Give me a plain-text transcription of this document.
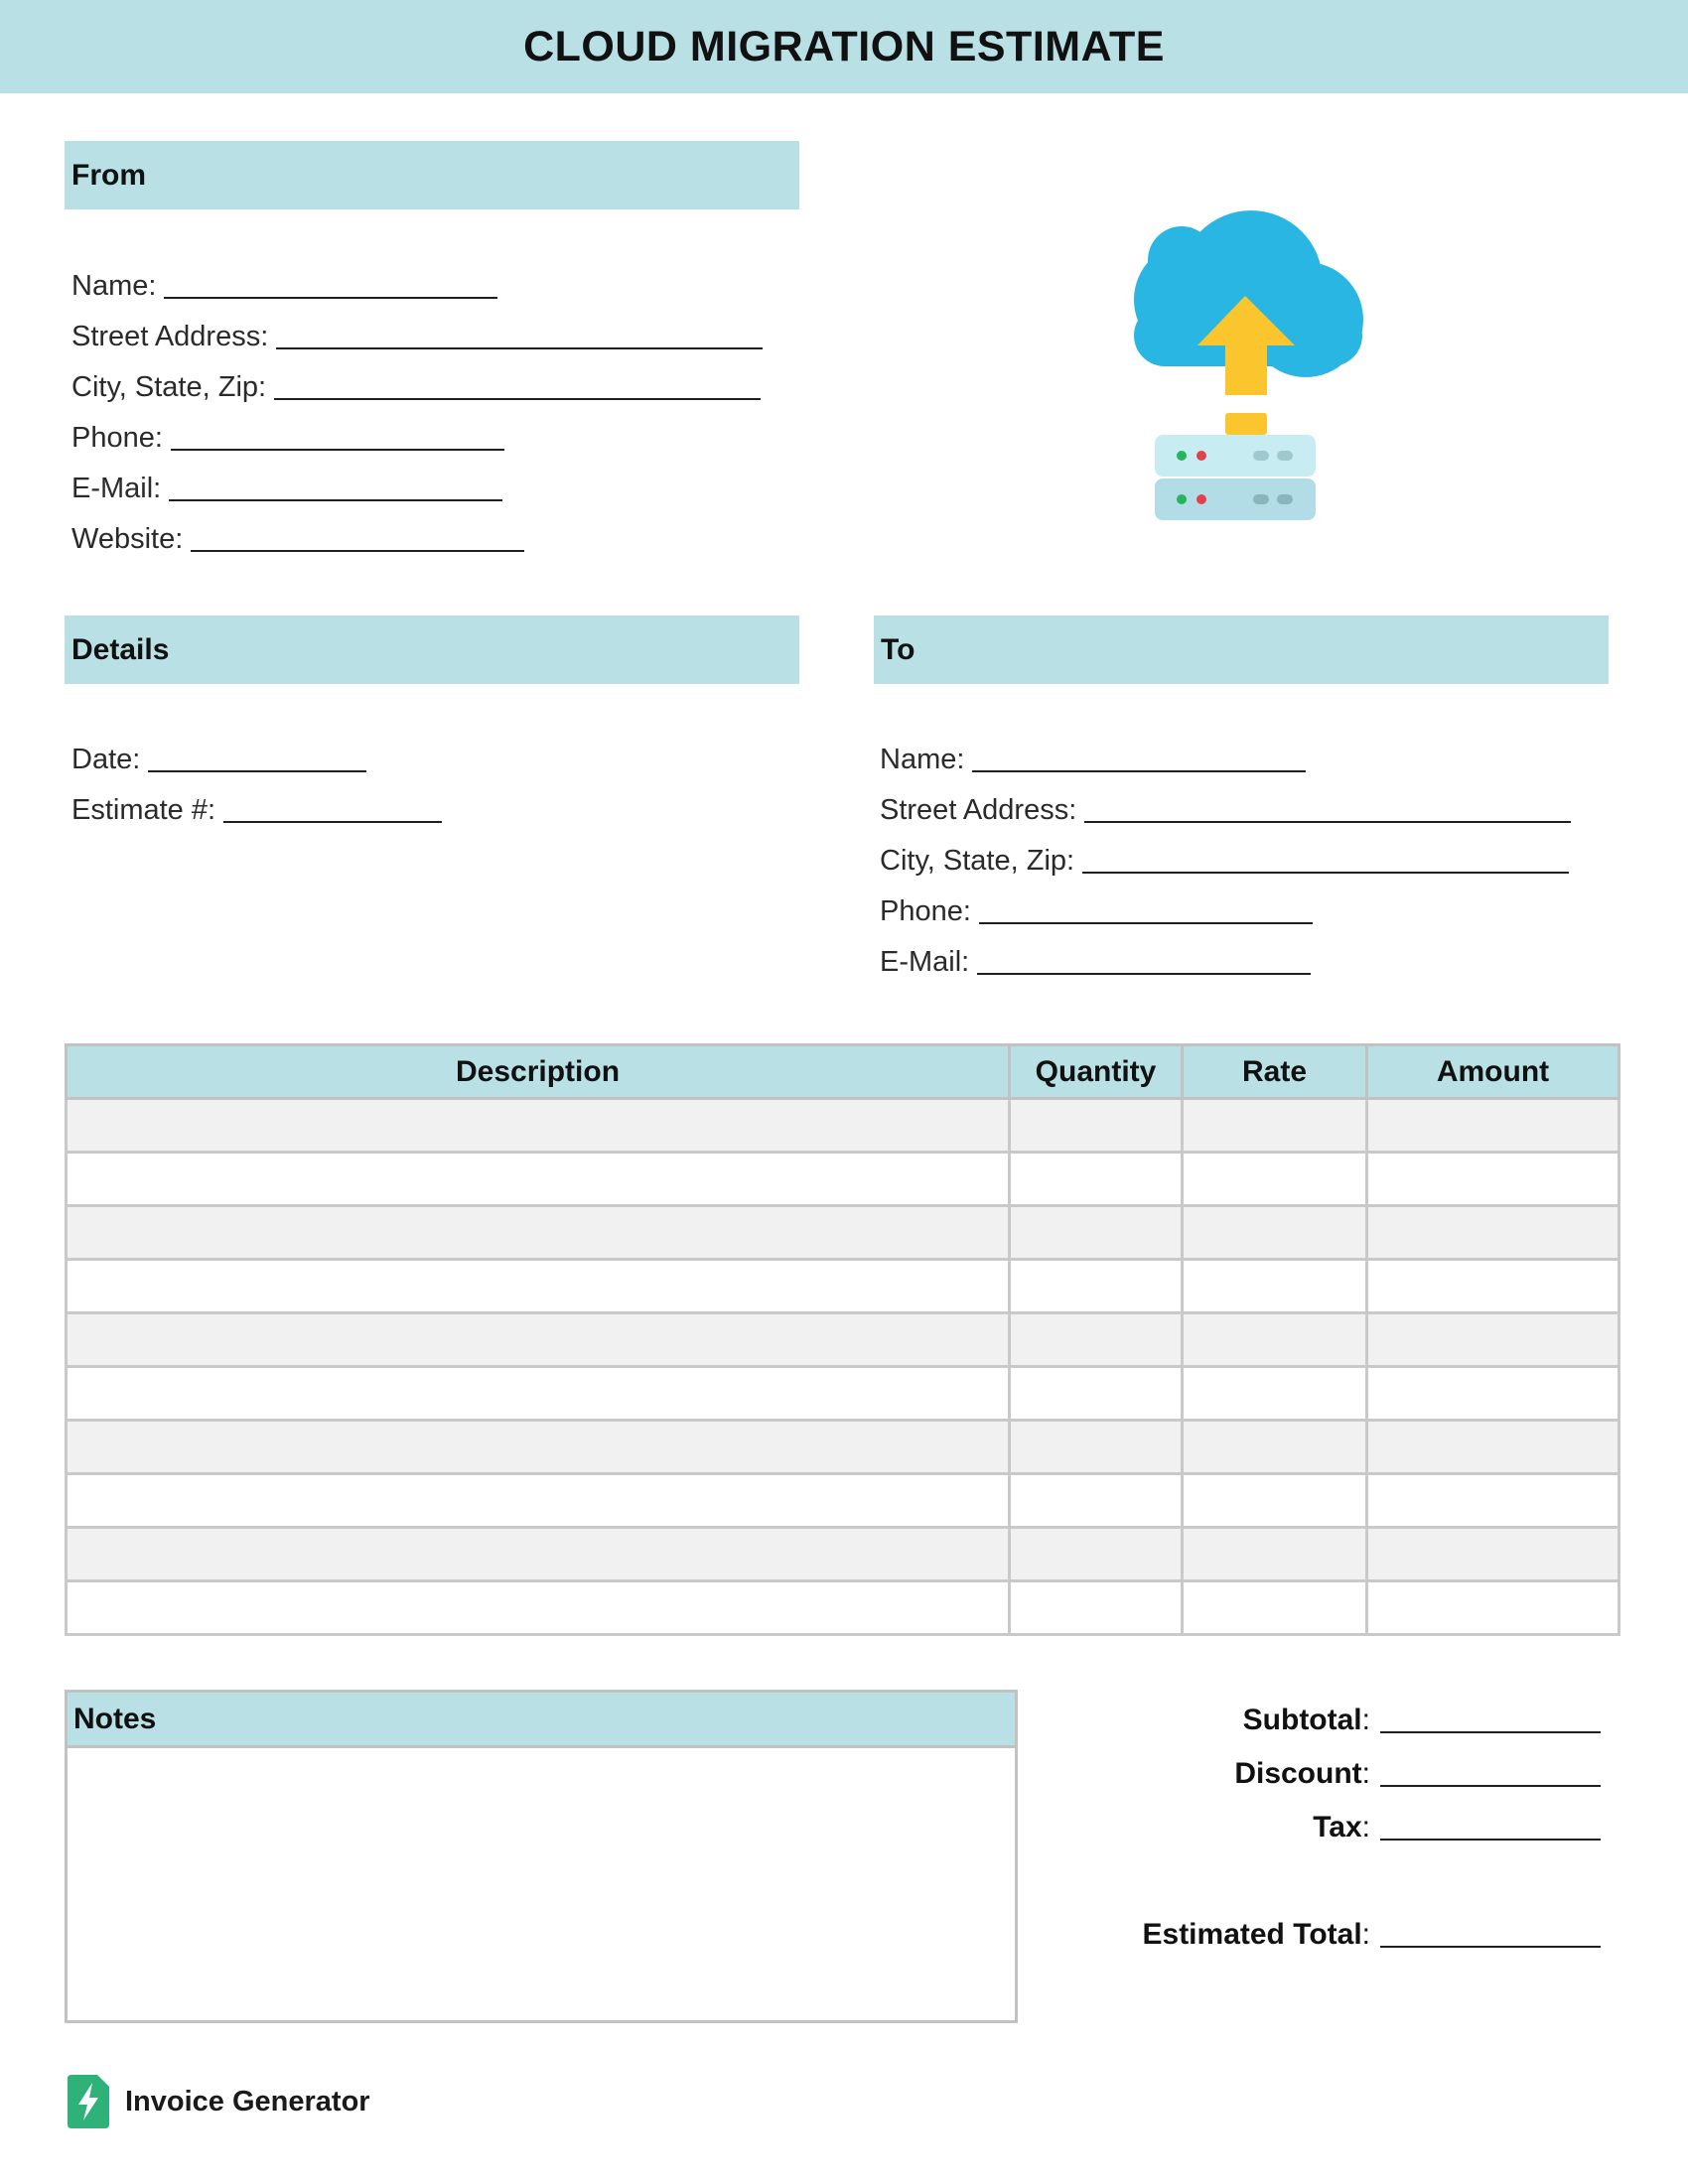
CLOUD MIGRATION ESTIMATE
From
Name:
Street Address:
City, State, Zip:
Phone:
E-Mail:
Website:
Details
Date:
Estimate #:
To
Name:
Street Address:
City, State, Zip:
Phone:
E-Mail:
Description	Quantity	Rate	Amount

Notes	Subtotal :
Discount :
Tax :
Estimated Total :
Invoice Generator
